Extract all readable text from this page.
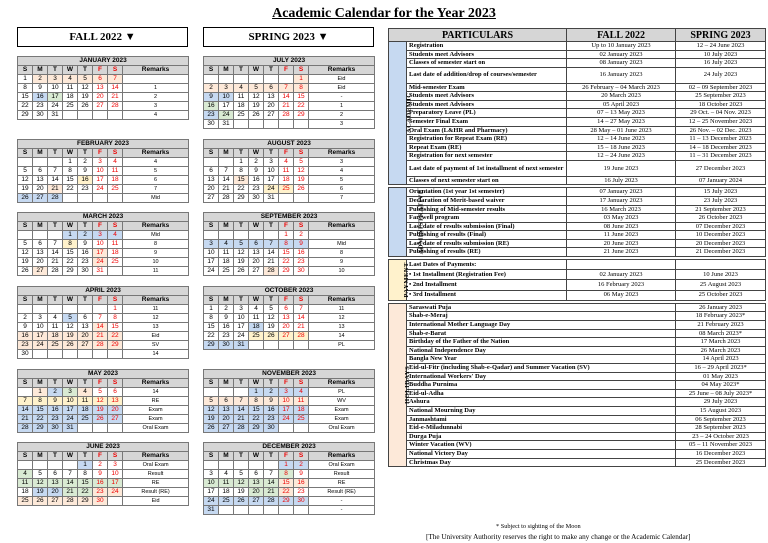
Academic Calendar for the Year 2023
FALL 2022 ▼	SPRING 2023 ▼
JANUARY 2023							
S	M	T	W	T	F	S	Remarks
1	2	3	4	5	6	7	
8	9	10	11	12	13	14	1
15	16	17	18	19	20	21	2
22	23	24	25	26	27	28	3
29	30	31					4
FEBRUARY 2023							
S	M	T	W	T	F	S	Remarks
			1	2	3	4	4
5	6	7	8	9	10	11	5
12	13	14	15	16	17	18	6
19	20	21	22	23	24	25	7
26	27	28					Mid
MARCH 2023							
S	M	T	W	T	F	S	Remarks
			1	2	3	4	Mid
5	6	7	8	9	10	11	8
12	13	14	15	16	17	18	9
19	20	21	22	23	24	25	10
26	27	28	29	30	31		11
APRIL 2023							
S	M	T	W	T	F	S	Remarks
						1	11
2	3	4	5	6	7	8	12
9	10	11	12	13	14	15	13
16	17	18	19	20	21	22	Eid
23	24	25	26	27	28	29	SV
30							14
MAY 2023							
S	M	T	W	T	F	S	Remarks
	1	2	3	4	5	6	14
7	8	9	10	11	12	13	RE
14	15	16	17	18	19	20	Exam
21	22	23	24	25	26	27	Exam
28	29	30	31				Oral Exam
JUNE 2023							
S	M	T	W	T	F	S	Remarks
				1	2	3	Oral Exam
4	5	6	7	8	9	10	Result
11	12	13	14	15	16	17	RE
18	19	20	21	22	23	24	Result (RE)
25	26	27	28	29	30		Eid
JULY 2023							
S	M	T	W	T	F	S	Remarks
						1	Eid
2	3	4	5	6	7	8	Eid
9	10	11	12	13	14	15	-
16	17	18	19	20	21	22	1
23	24	25	26	27	28	29	2
30	31						3
AUGUST 2023							
S	M	T	W	T	F	S	Remarks
		1	2	3	4	5	3
6	7	8	9	10	11	12	4
13	14	15	16	17	18	19	5
20	21	22	23	24	25	26	6
27	28	29	30	31			7
SEPTEMBER 2023							
S	M	T	W	T	F	S	Remarks
					1	2	
3	4	5	6	7	8	9	Mid
10	11	12	13	14	15	16	8
17	18	19	20	21	22	23	9
24	25	26	27	28	29	30	10
OCTOBER 2023							
S	M	T	W	T	F	S	Remarks
1	2	3	4	5	6	7	11
8	9	10	11	12	13	14	12
15	16	17	18	19	20	21	13
22	23	24	25	26	27	28	14
29	30	31					PL
NOVEMBER 2023							
S	M	T	W	T	F	S	Remarks
			1	2	3	4	PL
5	6	7	8	9	10	11	WV
12	13	14	15	16	17	18	Exam
19	20	21	22	23	24	25	Exam
26	27	28	29	30			Oral Exam
DECEMBER 2023							
S	M	T	W	T	F	S	Remarks
					1	2	Oral Exam
3	4	5	6	7	8	9	Result
10	11	12	13	14	15	16	RE
17	18	19	20	21	22	23	Result (RE)
24	25	26	27	28	29	30	-
31							-
PARTICULARS		FALL 2022	SPRING 2023
ACADEMIC	Registration	Up to 10 January 2023	12 – 24 June 2023
	Students meet Advisors	02 January 2023	10 July 2023
	Classes of semester start on	08 January 2023	16 July 2023
	Last date of addition/drop of courses/semester	16 January 2023	24 July 2023
	Mid-semester Exam	26 February – 04 March 2023	02 – 09 September 2023
	Students meet Advisors	20 March 2023	25 September 2023
	Students meet Advisors	05 April 2023	18 October 2023
	Preparatory Leave (PL)	07 – 13 May 2023	29 Oct. – 04 Nov. 2023
	Semester Final Exam	14 – 27 May 2023	12 – 25 November 2023
	Oral Exam (L&HR and Pharmacy)	28 May – 01 June 2023	26 Nov. – 02 Dec. 2023
	Registration for Repeat Exam (RE)	12 – 14 June 2023	11 – 13 December 2023
	Repeat Exam (RE)	15 – 18 June 2023	14 – 18 December 2023
	Registration for next semester	12 – 24 June 2023	11 – 31 December 2023
	Last date of payment of 1st installment of next semester	19 June 2023	27 December 2023
	Classes of next semester start on	16 July 2023	07 January 2024

ADMINISTRATIVE	Orientation (1st year 1st semester)	07 January 2023	15 July 2023
	Declaration of Merit-based waiver	17 January 2023	23 July 2023
	Publishing of Mid-semester results	16 March 2023	21 September 2023
	Farewell program	03 May 2023	26 October 2023
	Last date of results submission (Final)	08 June 2023	07 December 2023
	Publishing of results (Final)	11 June 2023	10 December 2023
	Last date of results submission (RE)	20 June 2023	20 December 2023
	Publishing of results (RE)	21 June 2023	21 December 2023

PAYMENT	Last Dates of Payments:		
	• 1st Installment (Registration Fee)	02 January 2023	10 June 2023
	• 2nd Installment	16 February 2023	25 August 2023
	• 3rd Installment	06 May 2023	25 October 2023

HOLIDAYS	Saraswati Puja		26 January 2023
	Shab-e-Meraj		18 February 2023*
	International Mother Language Day		21 February 2023
	Shab-e-Barat		08 March 2023*
	Birthday of the Father of the Nation		17 March 2023
	National Independence Day		26 March 2023
	Bangla New Year		14 April 2023
	Eid-ul-Fitr (including Shab-e-Qadar) and Summer Vacation (SV)		16 – 29 April 2023*
	International Workers' Day		01 May 2023
	Buddha Purnima		04 May 2023*
	Eid-ul-Adha		25 June – 08 July 2023*
	Ashura		29 July 2023
	National Mourning Day		15 August 2023
	Janmashtami		06 September 2023
	Eid-e-Miladunnabi		28 September 2023
	Durga Puja		23 – 24 October 2023
	Winter Vacation (WV)		05 – 11 November 2023
	National Victory Day		16 December 2023
	Christmas Day		25 December 2023
* Subject to sighting of the Moon
[The University Authority reserves the right to make any change or the Academic Calendar]
